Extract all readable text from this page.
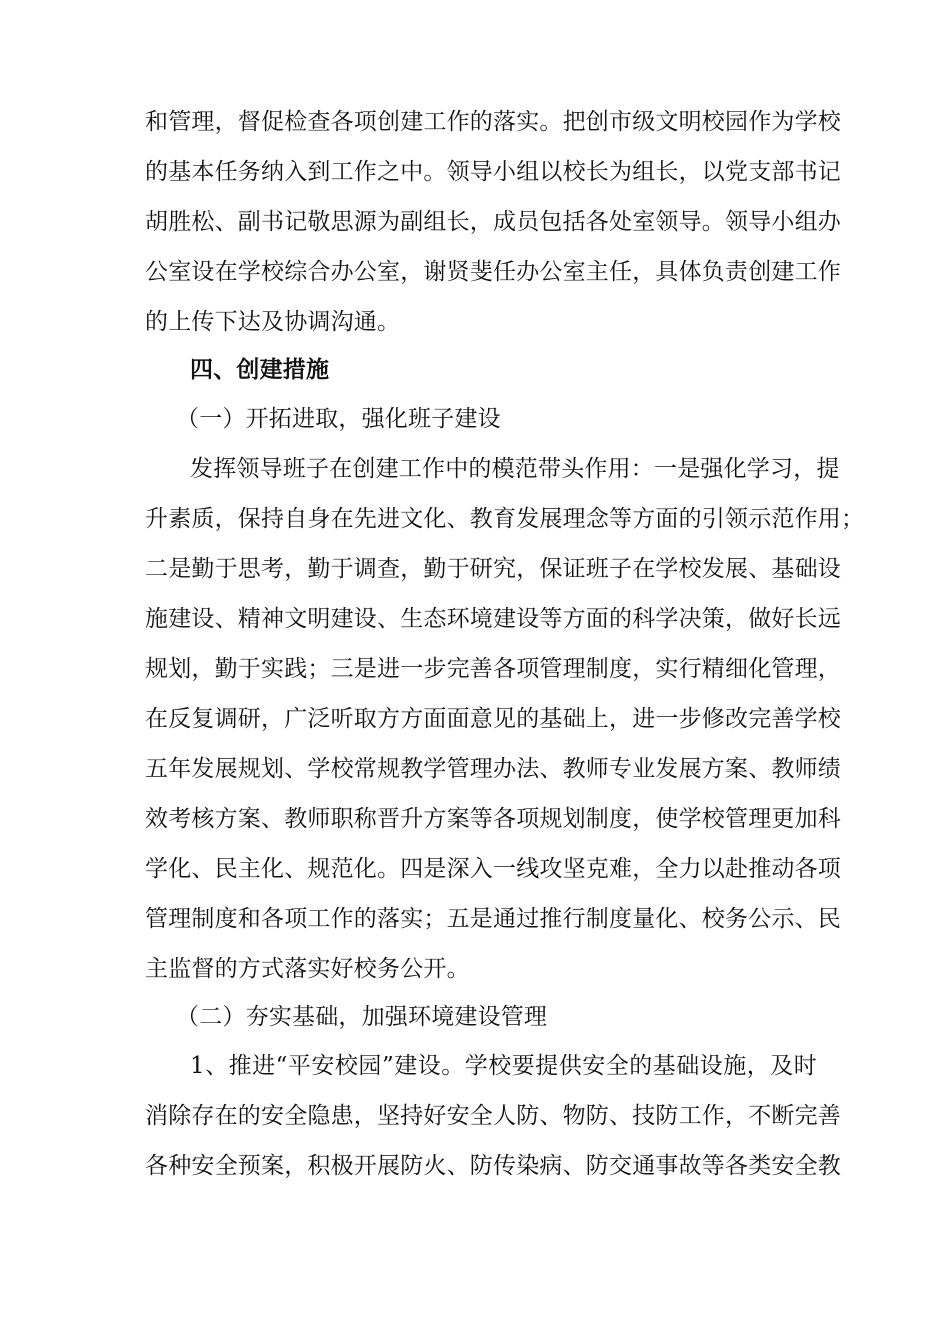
和管理，督促检查各项创建工作的落实。把创市级文明校园作为学校
的基本任务纳入到工作之中。领导小组以校长为组长，以党支部书记
胡胜松、副书记敬思源为副组长，成员包括各处室领导。领导小组办
公室设在学校综合办公室，谢贤斐任办公室主任，具体负责创建工作
的上传下达及协调沟通。
四、创建措施
（一）开拓进取，强化班子建设
发挥领导班子在创建工作中的模范带头作用：一是强化学习，提
升素质，保持自身在先进文化、教育发展理念等方面的引领示范作用；
二是勤于思考，勤于调查，勤于研究，保证班子在学校发展、基础设
施建设、精神文明建设、生态环境建设等方面的科学决策，做好长远
规划，勤于实践；三是进一步完善各项管理制度，实行精细化管理，
在反复调研，广泛听取方方面面意见的基础上，进一步修改完善学校
五年发展规划、学校常规教学管理办法、教师专业发展方案、教师绩
效考核方案、教师职称晋升方案等各项规划制度，使学校管理更加科
学化、民主化、规范化。四是深入一线攻坚克难，全力以赴推动各项
管理制度和各项工作的落实；五是通过推行制度量化、校务公示、民
主监督的方式落实好校务公开。
（二）夯实基础，加强环境建设管理
1、推进“平安校园”建设。学校要提供安全的基础设施，及时
消除存在的安全隐患，坚持好安全人防、物防、技防工作，不断完善
各种安全预案，积极开展防火、防传染病、防交通事故等各类安全教
